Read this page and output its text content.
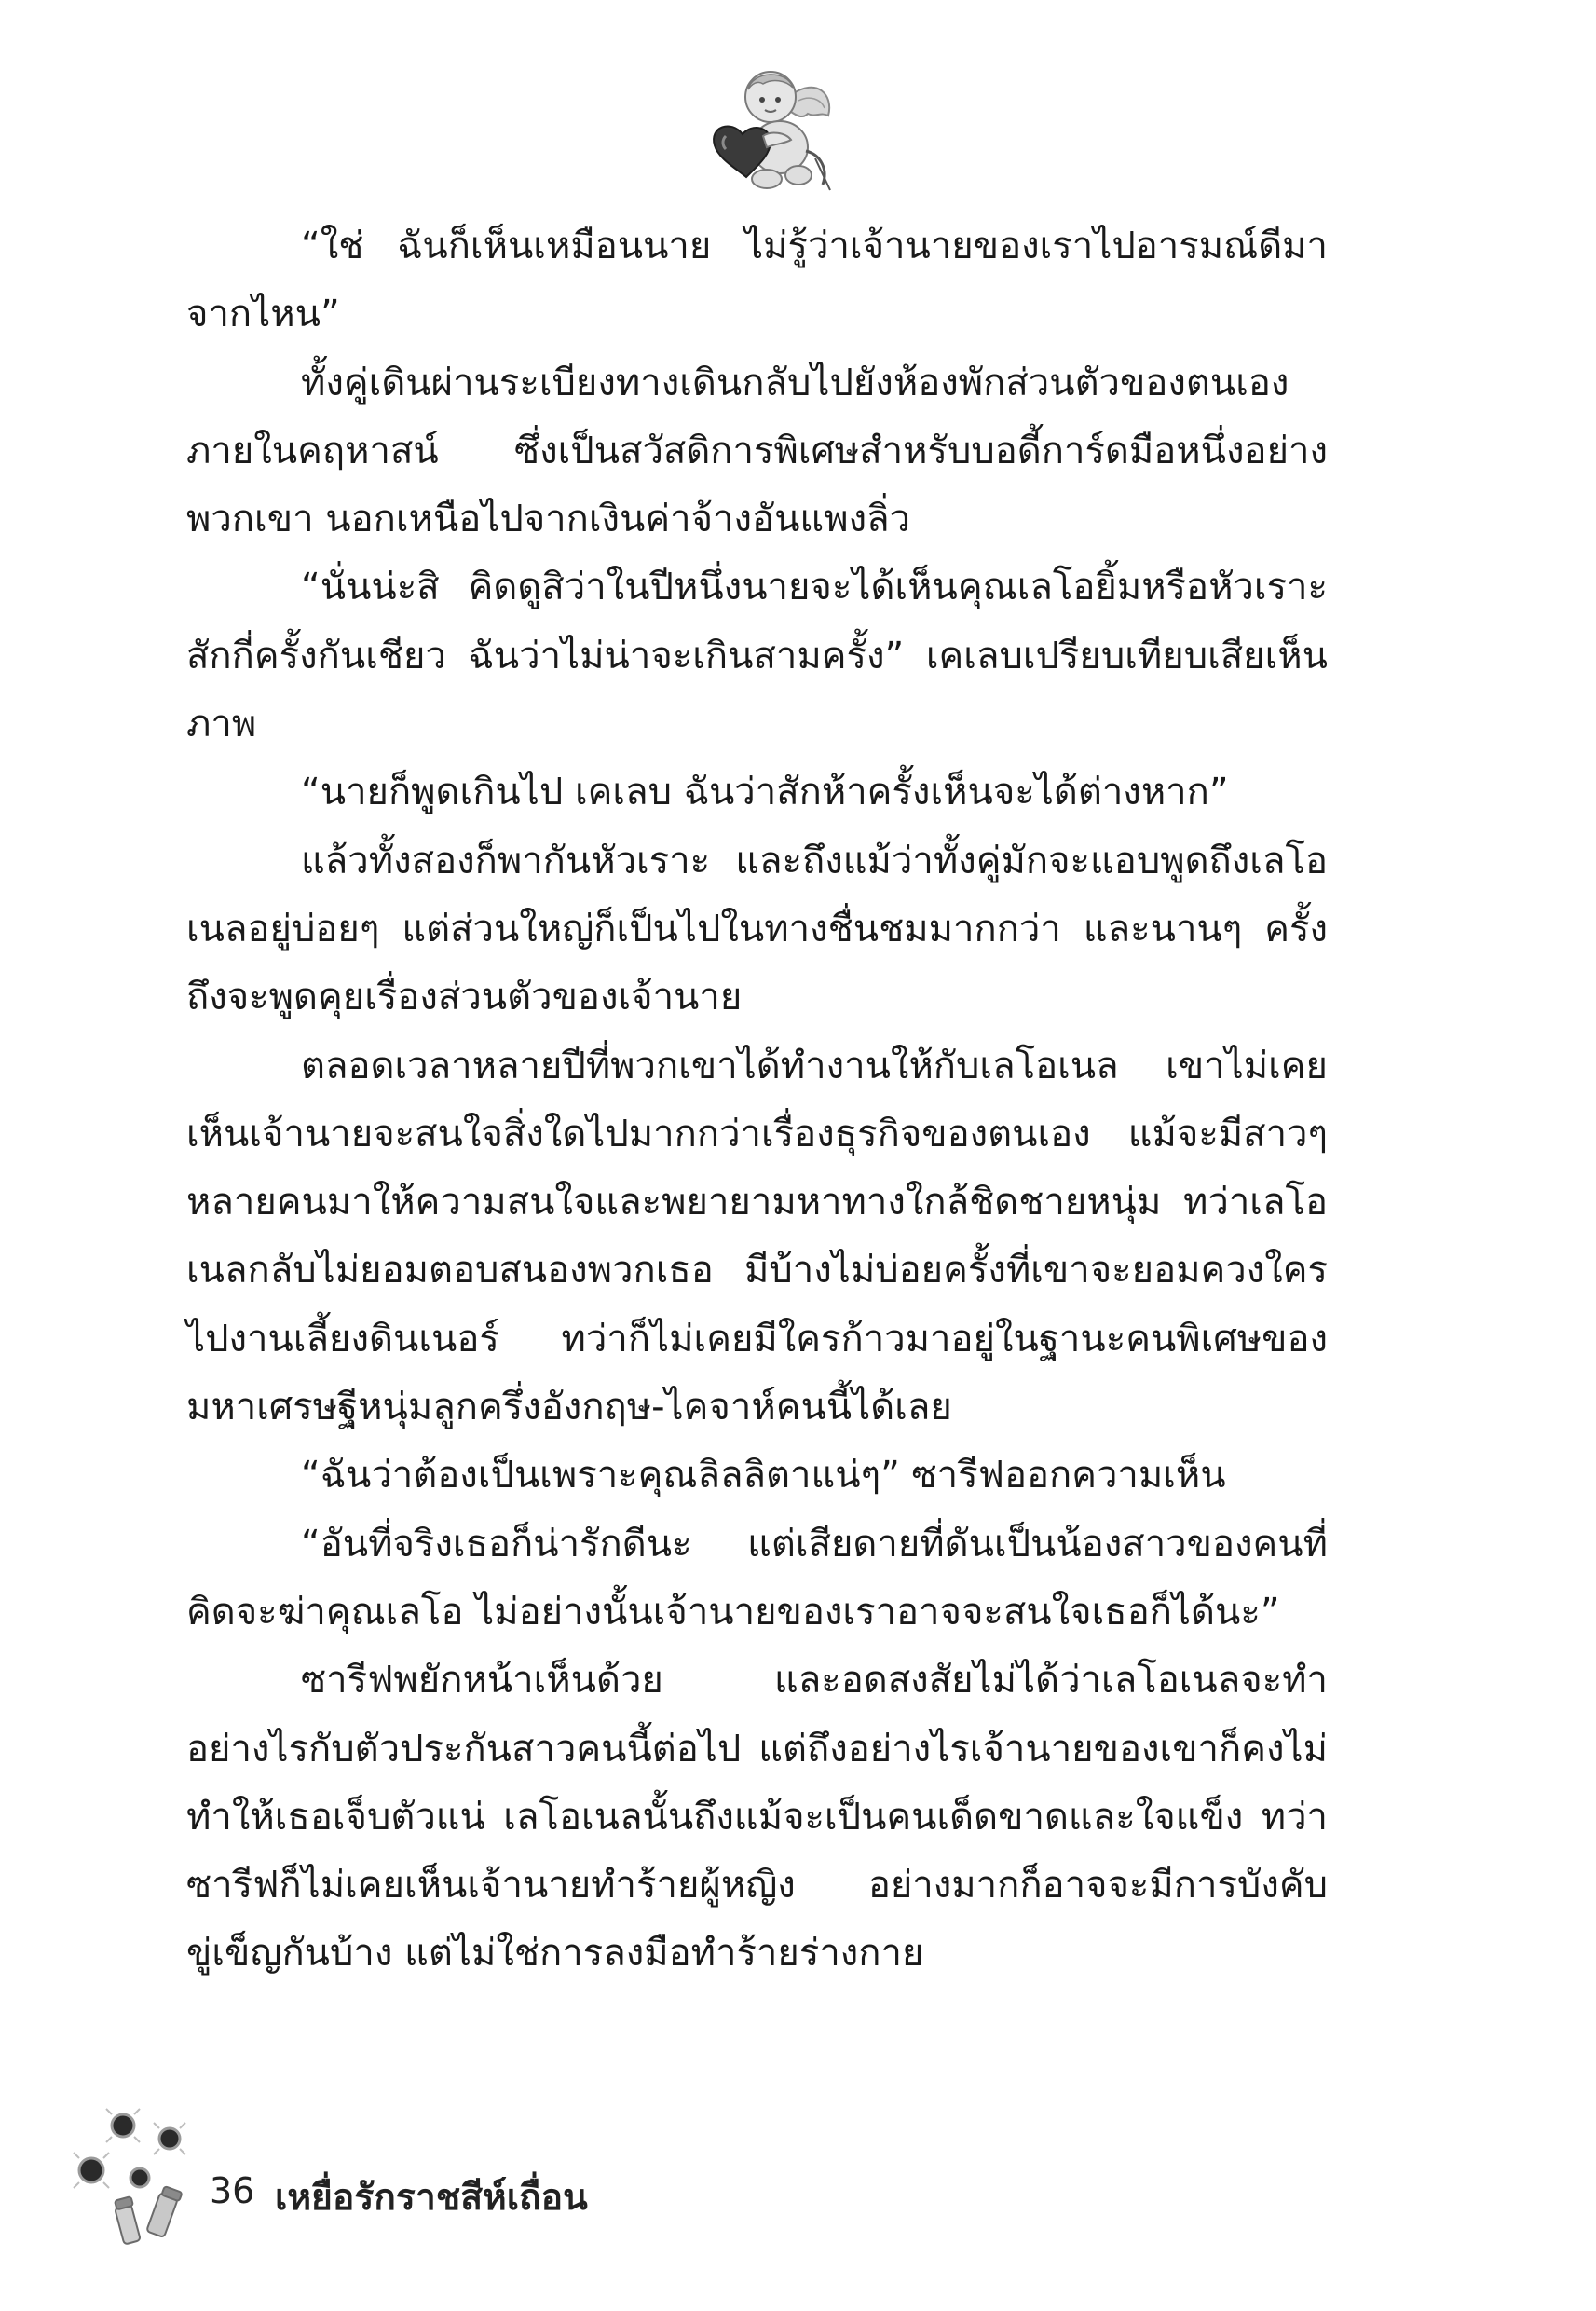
“ใช่ ฉันก็เห็นเหมือนนาย ไม่รู้ว่าเจ้านายของเราไปอารมณ์ดีมาจากไหน”

ทั้งคู่เดินผ่านระเบียงทางเดินกลับไปยังห้องพักส่วนตัวของตนเองภายในคฤหาสน์ ซึ่งเป็นสวัสดิการพิเศษสำหรับบอดี้การ์ดมือหนึ่งอย่างพวกเขา นอกเหนือไปจากเงินค่าจ้างอันแพงลิ่ว

“นั่นน่ะสิ คิดดูสิว่าในปีหนึ่งนายจะได้เห็นคุณเลโอยิ้มหรือหัวเราะสักกี่ครั้งกันเชียว ฉันว่าไม่น่าจะเกินสามครั้ง” เคเลบเปรียบเทียบเสียเห็นภาพ

“นายก็พูดเกินไป เคเลบ ฉันว่าสักห้าครั้งเห็นจะได้ต่างหาก”

แล้วทั้งสองก็พากันหัวเราะ และถึงแม้ว่าทั้งคู่มักจะแอบพูดถึงเลโอเนลอยู่บ่อยๆ แต่ส่วนใหญ่ก็เป็นไปในทางชื่นชมมากกว่า และนานๆ ครั้งถึงจะพูดคุยเรื่องส่วนตัวของเจ้านาย

ตลอดเวลาหลายปีที่พวกเขาได้ทำงานให้กับเลโอเนล เขาไม่เคยเห็นเจ้านายจะสนใจสิ่งใดไปมากกว่าเรื่องธุรกิจของตนเอง แม้จะมีสาวๆ หลายคนมาให้ความสนใจและพยายามหาทางใกล้ชิดชายหนุ่ม ทว่าเลโอเนลกลับไม่ยอมตอบสนองพวกเธอ มีบ้างไม่บ่อยครั้งที่เขาจะยอมควงใครไปงานเลี้ยงดินเนอร์ ทว่าก็ไม่เคยมีใครก้าวมาอยู่ในฐานะคนพิเศษของมหาเศรษฐีหนุ่มลูกครึ่งอังกฤษ-ไคจาห์คนนี้ได้เลย

“ฉันว่าต้องเป็นเพราะคุณลิลลิตาแน่ๆ” ซารีฟออกความเห็น

“อันที่จริงเธอก็น่ารักดีนะ แต่เสียดายที่ดันเป็นน้องสาวของคนที่คิดจะฆ่าคุณเลโอ ไม่อย่างนั้นเจ้านายของเราอาจจะสนใจเธอก็ได้นะ”

ซารีฟพยักหน้าเห็นด้วย และอดสงสัยไม่ได้ว่าเลโอเนลจะทำอย่างไรกับตัวประกันสาวคนนี้ต่อไป แต่ถึงอย่างไรเจ้านายของเขาก็คงไม่ทำให้เธอเจ็บตัวแน่ เลโอเนลนั้นถึงแม้จะเป็นคนเด็ดขาดและใจแข็ง ทว่าซารีฟก็ไม่เคยเห็นเจ้านายทำร้ายผู้หญิง อย่างมากก็อาจจะมีการบังคับขู่เข็ญกันบ้าง แต่ไม่ใช่การลงมือทำร้ายร่างกาย

36 เหยื่อรักราชสีห์เถื่อน
